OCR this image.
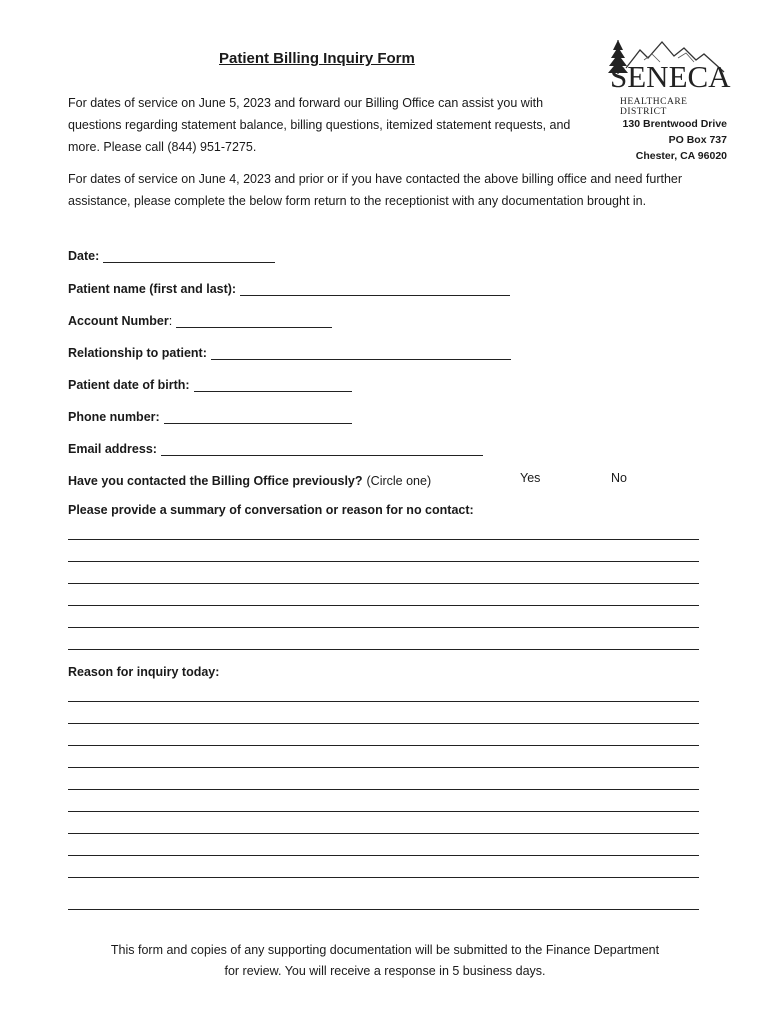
Patient Billing Inquiry Form
SENECA
HEALTHCARE DISTRICT
130 Brentwood Drive
PO Box 737
Chester, CA 96020
For dates of service on June 5, 2023 and forward our Billing Office can assist you with questions regarding statement balance, billing questions, itemized statement requests, and more. Please call (844) 951-7275.
For dates of service on June 4, 2023 and prior or if you have contacted the above billing office and need further assistance, please complete the below form return to the receptionist with any documentation brought in.
Date:
Patient name (first and last):
Account Number :
Relationship to patient:
Patient date of birth:
Phone number:
Email address:
Have you contacted the Billing Office previously? (Circle one)	Yes	No
Please provide a summary of conversation or reason for no contact:
Reason for inquiry today:
This form and copies of any supporting documentation will be submitted to the Finance Department
for review. You will receive a response in 5 business days.
